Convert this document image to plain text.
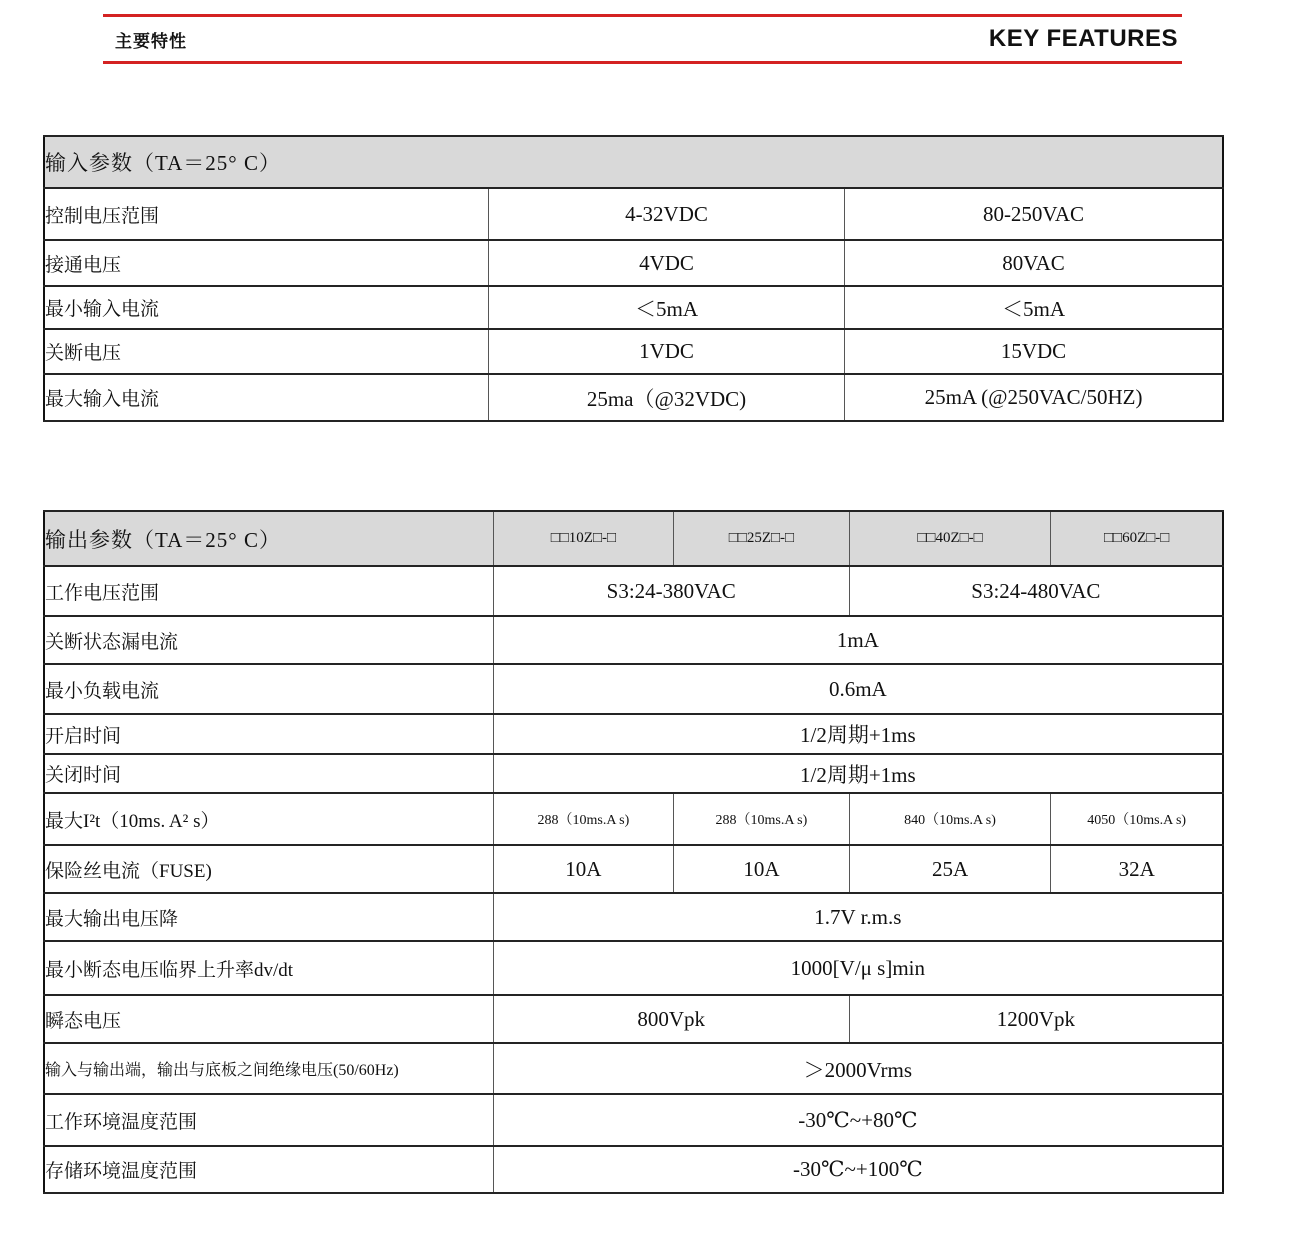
主要特性	KEY FEATURES
输入参数（TA＝25° C）		
控制电压范围	4-32VDC	80-250VAC
接通电压	4VDC	80VAC
最小输入电流	＜5mA	＜5mA
关断电压	1VDC	15VDC
最大输入电流	25ma（@32VDC)	25mA (@250VAC/50HZ)
输出参数（TA＝25° C）	□□10Z□-□	□□25Z□-□	□□40Z□-□	□□60Z□-□
工作电压范围	S3:24-380VAC		S3:24-480VAC	
关断状态漏电流	1mA			
最小负载电流	0.6mA			
开启时间	1/2周期+1ms			
关闭时间	1/2周期+1ms			
最大I²t（10ms. A² s）	288（10ms.A s)	288（10ms.A s)	840（10ms.A s)	4050（10ms.A s)
保险丝电流（FUSE)	10A	10A	25A	32A
最大输出电压降	1.7V r.m.s			
最小断态电压临界上升率dv/dt	1000[V/μ s]min			
瞬态电压	800Vpk		1200Vpk	
输入与输出端，输出与底板之间绝缘电压(50/60Hz)	＞2000Vrms			
工作环境温度范围	-30℃~+80℃			
存储环境温度范围	-30℃~+100℃			
